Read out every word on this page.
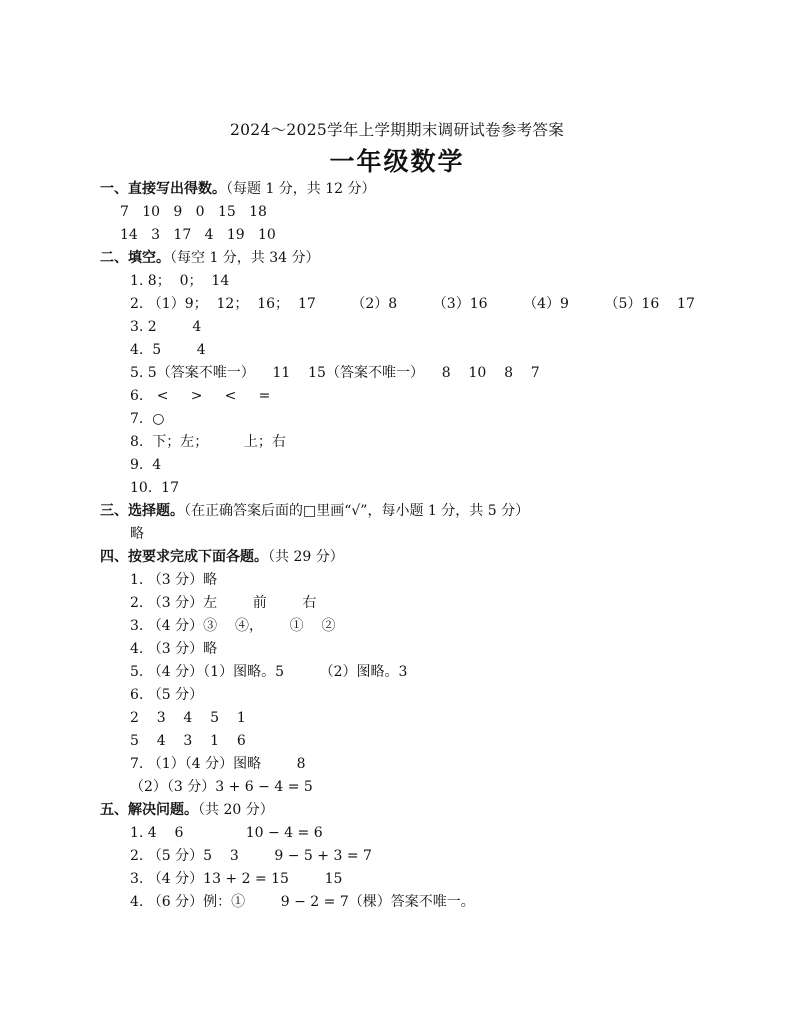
2024～2025学年上学期期末调研试卷参考答案
一年级数学
一、直接写出得数。（每题 1 分，共 12 分）
7   10   9   0   15   18
14   3   17   4   19   10
二、填空。（每空 1 分，共 34 分）
1. 8；  0；  14
2. （1）9；  12；  16；  17        （2）8        （3）16        （4）9        （5）16    17
3. 2        4
4.  5        4
5. 5（答案不唯一）    11    15（答案不唯一）    8    10    8    7
6.   <     >     <     =
7.  ○
8.  下；左；        上；右
9.  4
10.  17
三、选择题。（在正确答案后面的□里画“√”，每小题 1 分，共 5 分）
略
四、按要求完成下面各题。（共 29 分）
1. （3 分）略
2. （3 分）左        前        右
3. （4 分）③    ④，      ①    ②
4. （3 分）略
5. （4 分）（1）图略。5        （2）图略。3
6. （5 分）
2    3    4    5    1
5    4    3    1    6
7. （1）（4 分）图略        8
（2）（3 分）3 + 6 − 4 = 5
五、解决问题。（共 20 分）
1. 4    6              10 − 4 = 6
2. （5 分）5    3        9 − 5 + 3 = 7
3. （4 分）13 + 2 = 15        15
4. （6 分）例：①        9 − 2 = 7（棵）答案不唯一。
